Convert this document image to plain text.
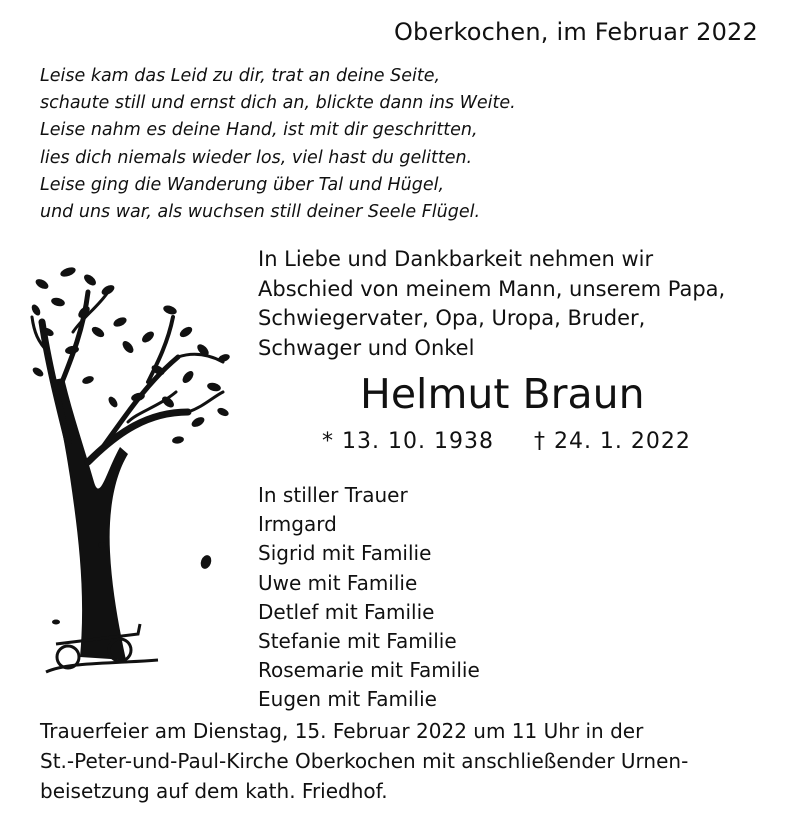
Oberkochen, im Februar 2022
Leise kam das Leid zu dir, trat an deine Seite,
schaute still und ernst dich an, blickte dann ins Weite.
Leise nahm es deine Hand, ist mit dir geschritten,
lies dich niemals wieder los, viel hast du gelitten.
Leise ging die Wanderung über Tal und Hügel,
und uns war, als wuchsen still deiner Seele Flügel.
In Liebe und Dankbarkeit nehmen wir
Abschied von meinem Mann, unserem Papa,
Schwiegervater, Opa, Uropa, Bruder,
Schwager und Onkel
Helmut Braun
* 13. 10. 1938 † 24. 1. 2022
In stiller Trauer
Irmgard
Sigrid mit Familie
Uwe mit Familie
Detlef mit Familie
Stefanie mit Familie
Rosemarie mit Familie
Eugen mit Familie
Trauerfeier am Dienstag, 15. Februar 2022 um 11 Uhr in der
St.-Peter-und-Paul-Kirche Oberkochen mit anschließender Urnen-
beisetzung auf dem kath. Friedhof.
